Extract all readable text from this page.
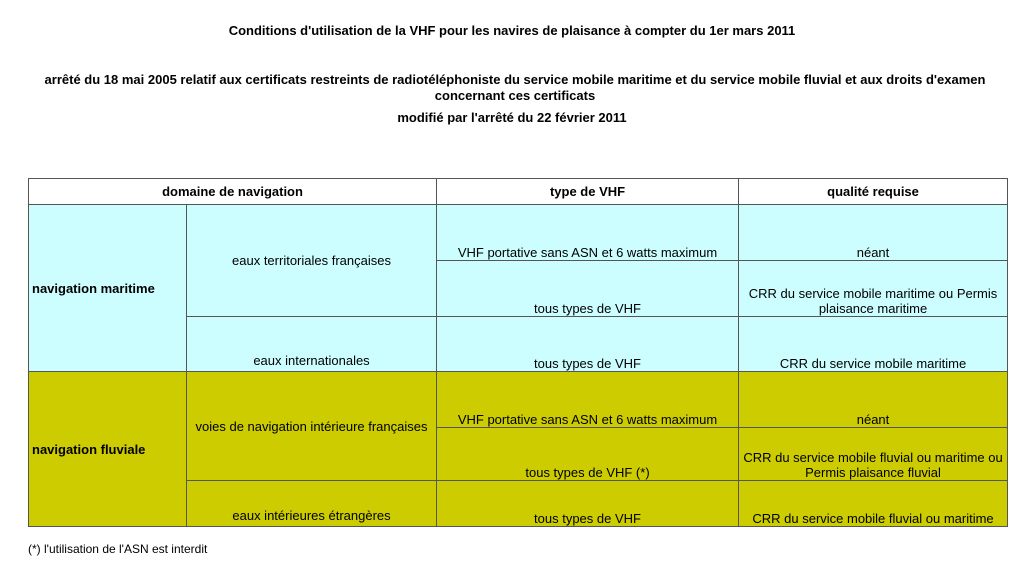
Conditions d'utilisation de la VHF pour les navires de plaisance à compter du 1er mars 2011
arrêté du 18 mai 2005 relatif aux certificats restreints de radiotéléphoniste du service mobile maritime et du service mobile fluvial et aux droits d'examen concernant ces certificats
modifié par l'arrêté du 22 février 2011
domaine de navigation		type de VHF	qualité requise
navigation maritime	eaux territoriales françaises	VHF portative sans ASN et 6 watts maximum	néant
		tous types de VHF	CRR du service mobile maritime ou Permis plaisance maritime
	eaux internationales	tous types de VHF	CRR du service mobile maritime
navigation fluviale	voies de navigation intérieure françaises	VHF portative sans ASN et 6 watts maximum	néant
		tous types de VHF (*)	CRR du service mobile fluvial ou maritime ou Permis plaisance fluvial
	eaux intérieures étrangères	tous types de VHF	CRR du service mobile fluvial ou maritime
(*) l'utilisation de l'ASN est interdit
